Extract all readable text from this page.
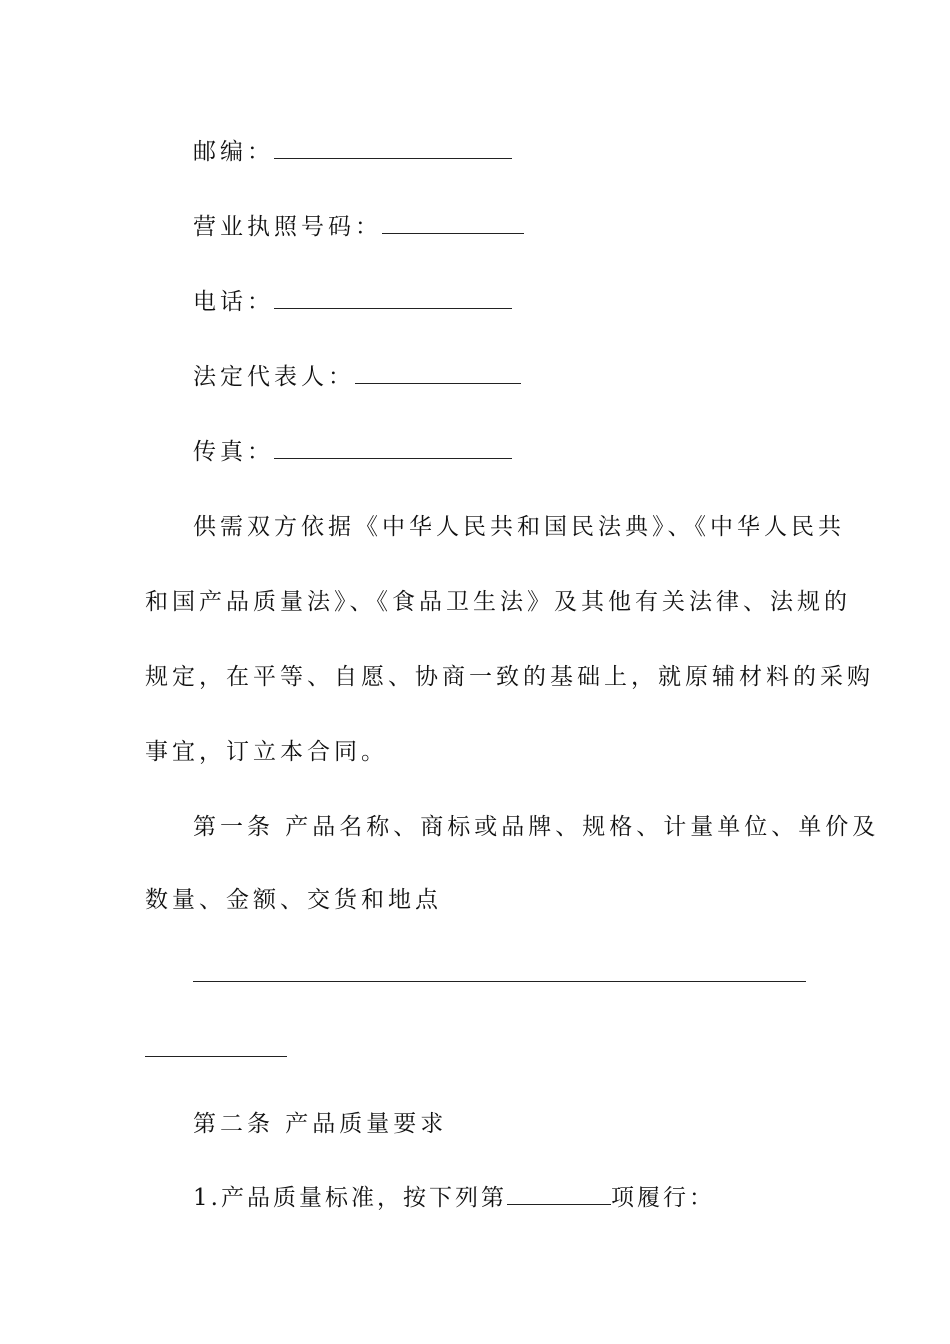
邮编：
营业执照号码：
电话：
法定代表人：
传真：
供需双方依据《中华人民共和国民法典》、《中华人民共
和国产品质量法》、《食品卫生法》及其他有关法律、法规的
规定，在平等、自愿、协商一致的基础上，就原辅材料的采购
事宜，订立本合同。
第一条 产品名称、商标或品牌、规格、计量单位、单价及
数量、金额、交货和地点
第二条 产品质量要求
1.产品质量标准，按下列第	项履行：
